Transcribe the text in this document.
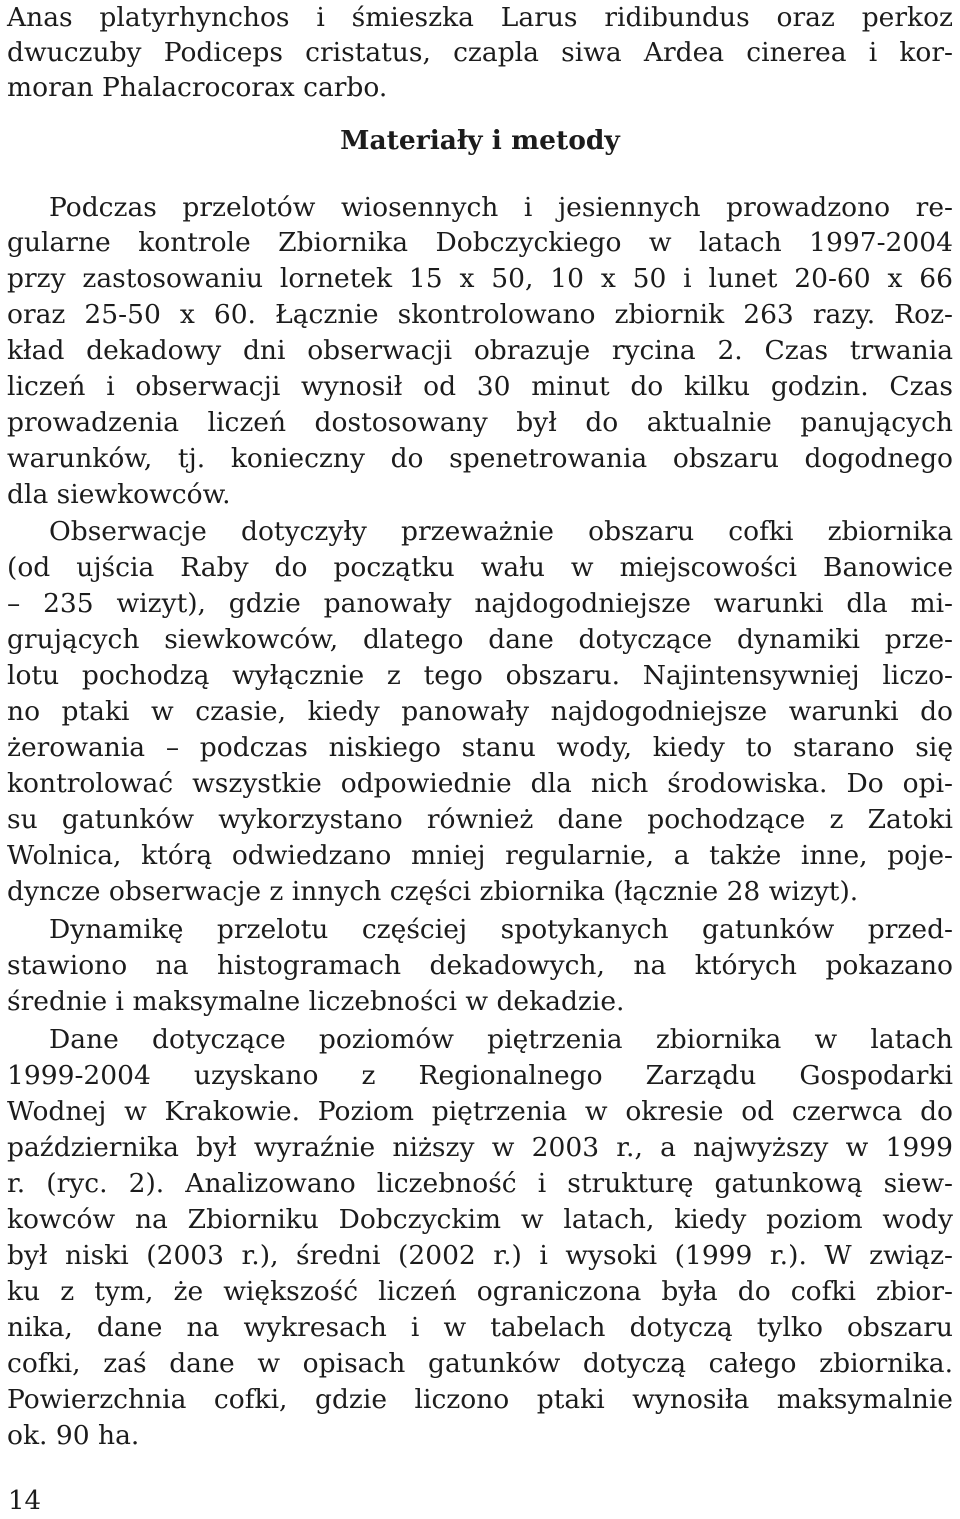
Anas platyrhynchos i śmieszka Larus ridibundus oraz perkoz
dwuczuby Podiceps cristatus, czapla siwa Ardea cinerea i kor-
moran Phalacrocorax carbo.
Materiały i metody
Podczas przelotów wiosennych i jesiennych prowadzono re-
gularne kontrole Zbiornika Dobczyckiego w latach 1997-2004
przy zastosowaniu lornetek 15 x 50, 10 x 50 i lunet 20-60 x 66
oraz 25-50 x 60. Łącznie skontrolowano zbiornik 263 razy. Roz-
kład dekadowy dni obserwacji obrazuje rycina 2. Czas trwania
liczeń i obserwacji wynosił od 30 minut do kilku godzin. Czas
prowadzenia liczeń dostosowany był do aktualnie panujących
warunków, tj. konieczny do spenetrowania obszaru dogodnego
dla siewkowców.
Obserwacje dotyczyły przeważnie obszaru cofki zbiornika
(od ujścia Raby do początku wału w miejscowości Banowice
– 235 wizyt), gdzie panowały najdogodniejsze warunki dla mi-
grujących siewkowców, dlatego dane dotyczące dynamiki prze-
lotu pochodzą wyłącznie z tego obszaru. Najintensywniej liczo-
no ptaki w czasie, kiedy panowały najdogodniejsze warunki do
żerowania – podczas niskiego stanu wody, kiedy to starano się
kontrolować wszystkie odpowiednie dla nich środowiska. Do opi-
su gatunków wykorzystano również dane pochodzące z Zatoki
Wolnica, którą odwiedzano mniej regularnie, a także inne, poje-
dyncze obserwacje z innych części zbiornika (łącznie 28 wizyt).
Dynamikę przelotu częściej spotykanych gatunków przed-
stawiono na histogramach dekadowych, na których pokazano
średnie i maksymalne liczebności w dekadzie.
Dane dotyczące poziomów piętrzenia zbiornika w latach
1999-2004 uzyskano z Regionalnego Zarządu Gospodarki
Wodnej w Krakowie. Poziom piętrzenia w okresie od czerwca do
października był wyraźnie niższy w 2003 r., a najwyższy w 1999
r. (ryc. 2). Analizowano liczebność i strukturę gatunkową siew-
kowców na Zbiorniku Dobczyckim w latach, kiedy poziom wody
był niski (2003 r.), średni (2002 r.) i wysoki (1999 r.). W związ-
ku z tym, że większość liczeń ograniczona była do cofki zbior-
nika, dane na wykresach i w tabelach dotyczą tylko obszaru
cofki, zaś dane w opisach gatunków dotyczą całego zbiornika.
Powierzchnia cofki, gdzie liczono ptaki wynosiła maksymalnie
ok. 90 ha.
14
